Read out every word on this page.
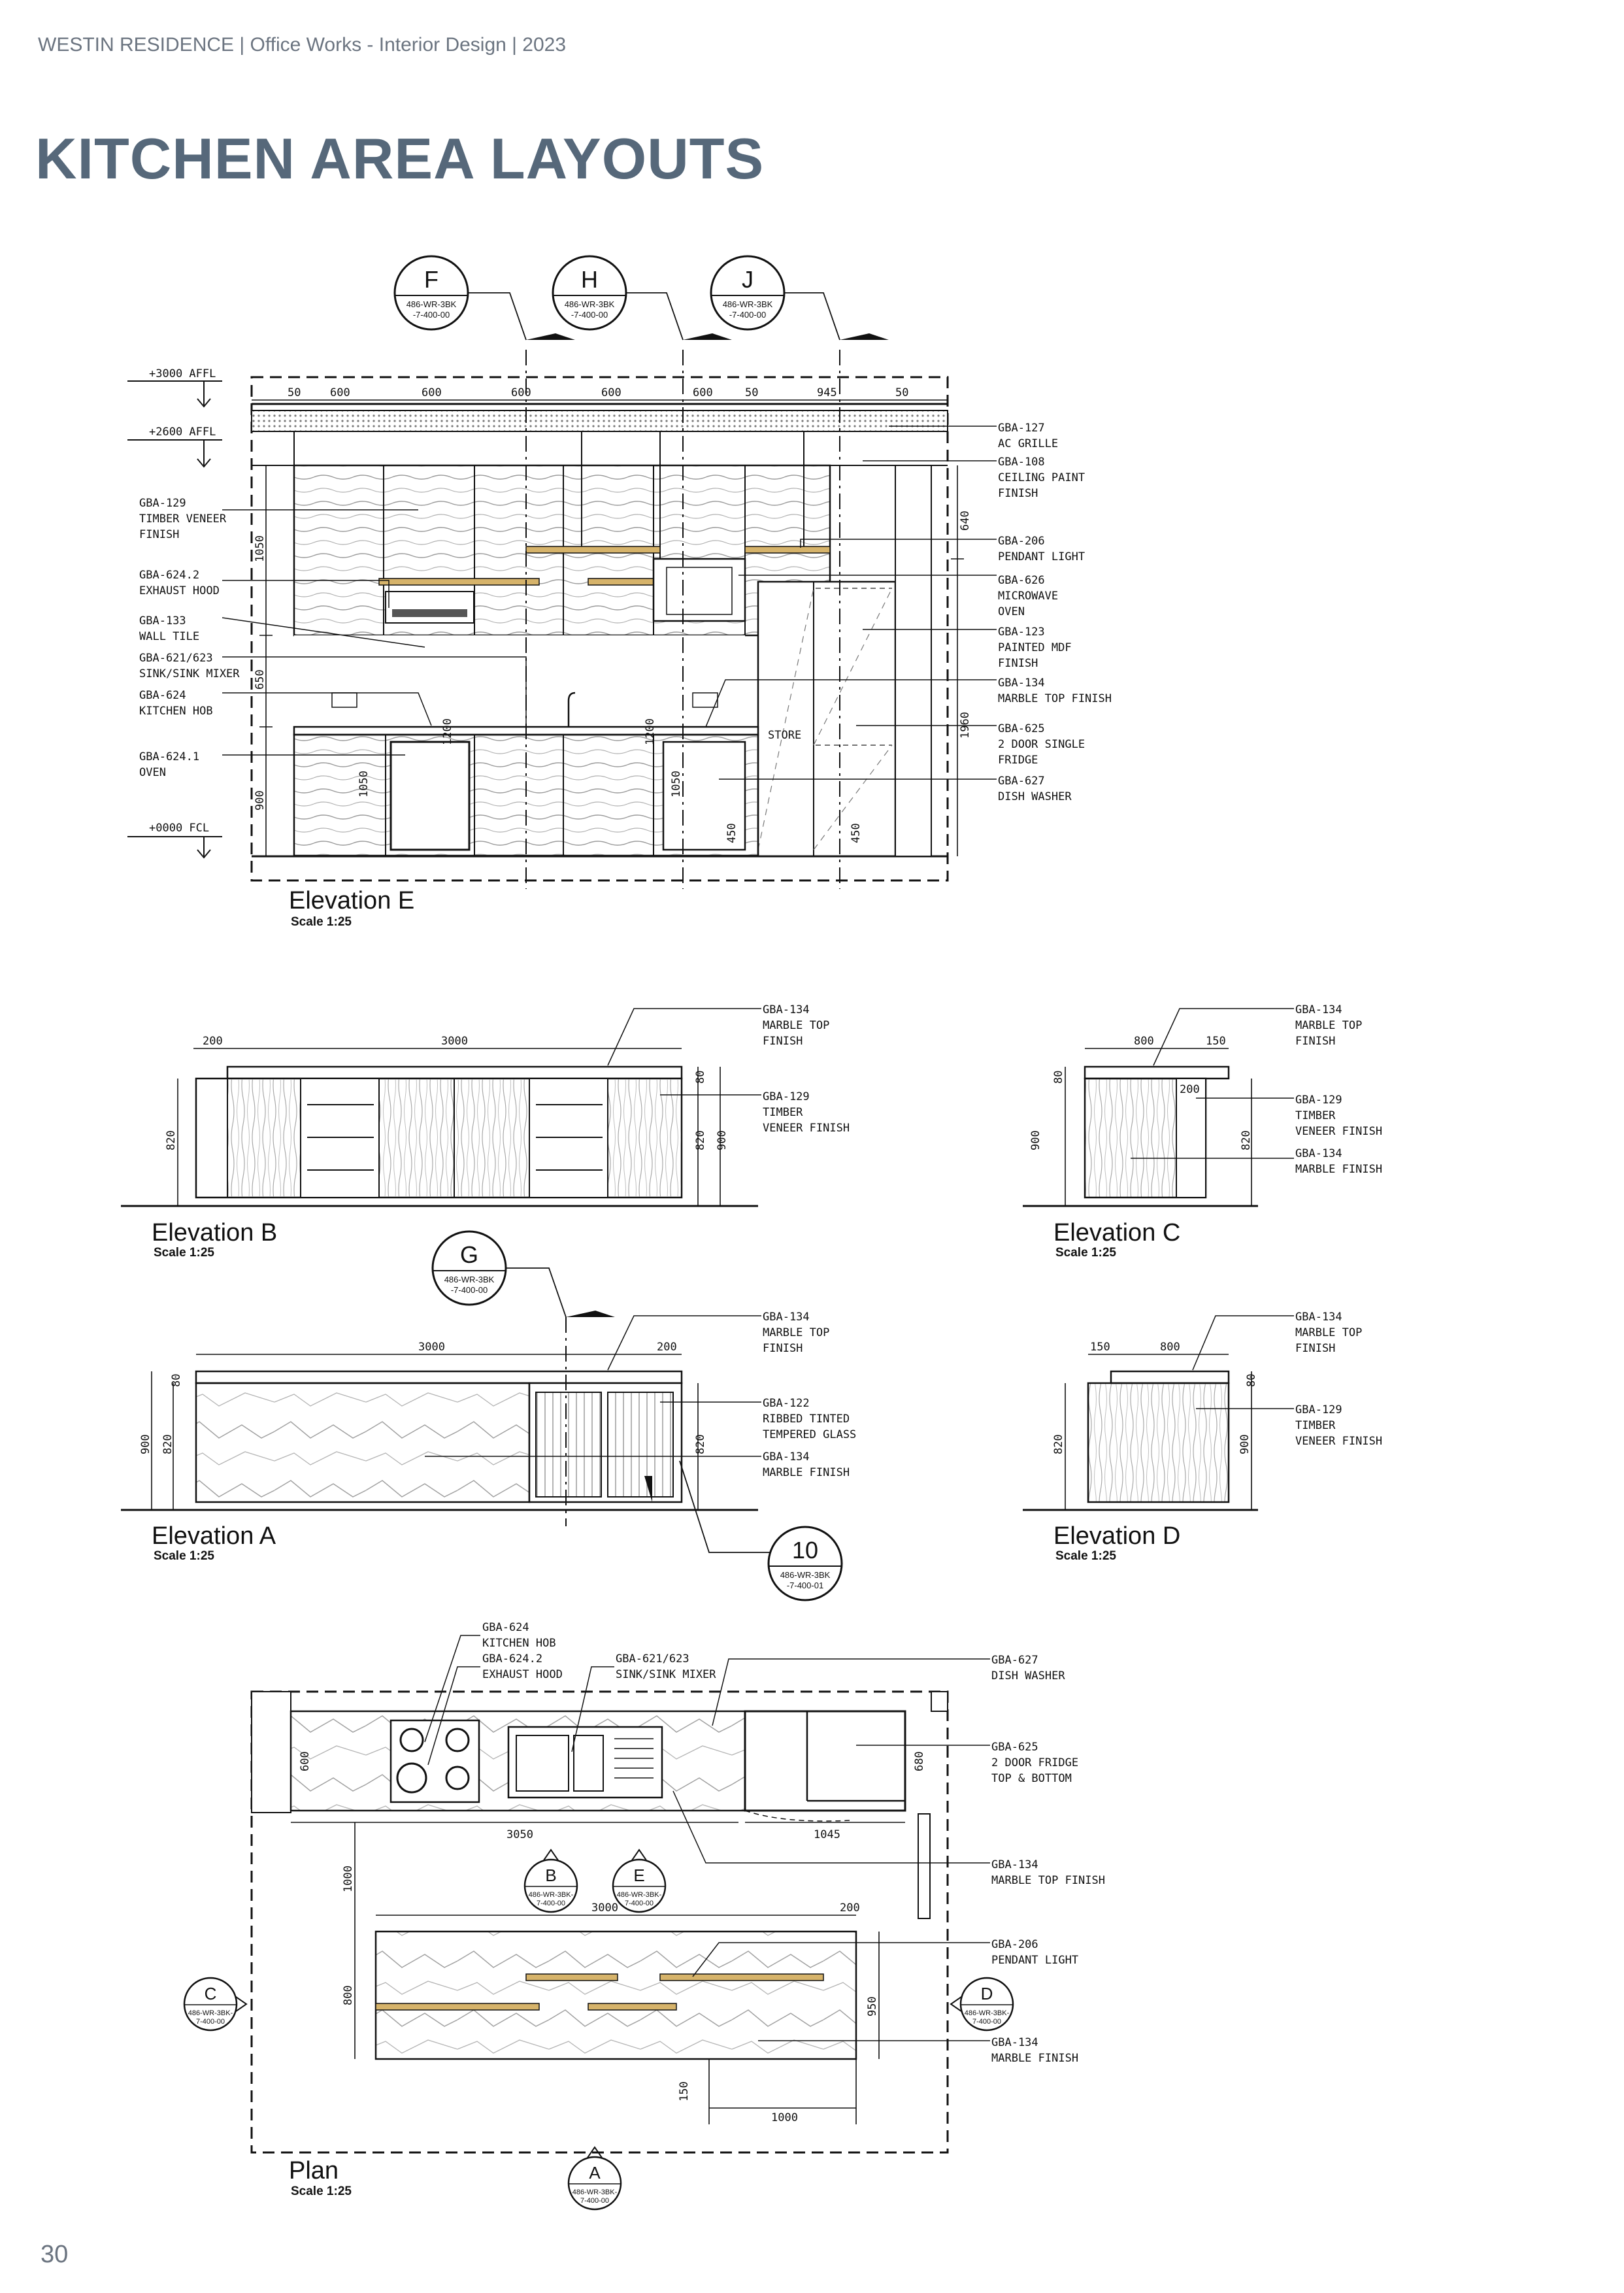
WESTIN RESIDENCE | Office Works - Interior Design | 2023
KITCHEN AREA LAYOUTS
30
+3000 AFFL
+2600 AFFL
+0000 FCL
50	600	600	600	600	600	50	945	50
1050
650
900
640
1960
1050
1200	1200
1050
450	450
STORE
GBA-129 TIMBER VENEER FINISH
GBA-624.2 EXHAUST HOOD
GBA-133 WALL TILE
GBA-621/623 SINK/SINK MIXER
GBA-624 KITCHEN HOB
GBA-624.1 OVEN
GBA-127 AC GRILLE
GBA-108 CEILING PAINT FINISH
GBA-206 PENDANT LIGHT
GBA-626 MICROWAVE OVEN
GBA-123 PAINTED MDF FINISH
GBA-134 MARBLE TOP FINISH
GBA-625 2 DOOR SINGLE FRIDGE
GBA-627 DISH WASHER
Elevation E
Scale 1:25
F
486-WR-3BK
-7-400-00
H
486-WR-3BK
-7-400-00
J
486-WR-3BK
-7-400-00
200	3000
820
80
820 900
GBA-134 MARBLE TOP FINISH
GBA-129 TIMBER VENEER FINISH
Elevation B
Scale 1:25
800	150
200
80
900	820
GBA-134 MARBLE TOP FINISH
GBA-129 TIMBER VENEER FINISH
GBA-134 MARBLE FINISH
Elevation C
Scale 1:25
3000	200
80
900 820	820
GBA-134 MARBLE TOP FINISH
GBA-122 RIBBED TINTED TEMPERED GLASS
GBA-134 MARBLE FINISH
G
486-WR-3BK
-7-400-00
10
486-WR-3BK
-7-400-01
Elevation A
Scale 1:25
150	800
80
820	900
GBA-134 MARBLE TOP FINISH
GBA-129 TIMBER VENEER FINISH
Elevation D
Scale 1:25
600	680
3050	1045
1000
3000	200
800
950
150
1000
GBA-624 KITCHEN HOB
GBA-624.2 EXHAUST HOOD
GBA-621/623 SINK/SINK MIXER
GBA-627 DISH WASHER
GBA-625 2 DOOR FRIDGE TOP & BOTTOM
GBA-134 MARBLE TOP FINISH
GBA-206 PENDANT LIGHT
GBA-134 MARBLE FINISH
B
486-WR-3BK-
7-400-00
E
486-WR-3BK-
7-400-00
C
486-WR-3BK-
7-400-00
D
486-WR-3BK-
7-400-00
A
486-WR-3BK-
7-400-00
Plan
Scale 1:25
